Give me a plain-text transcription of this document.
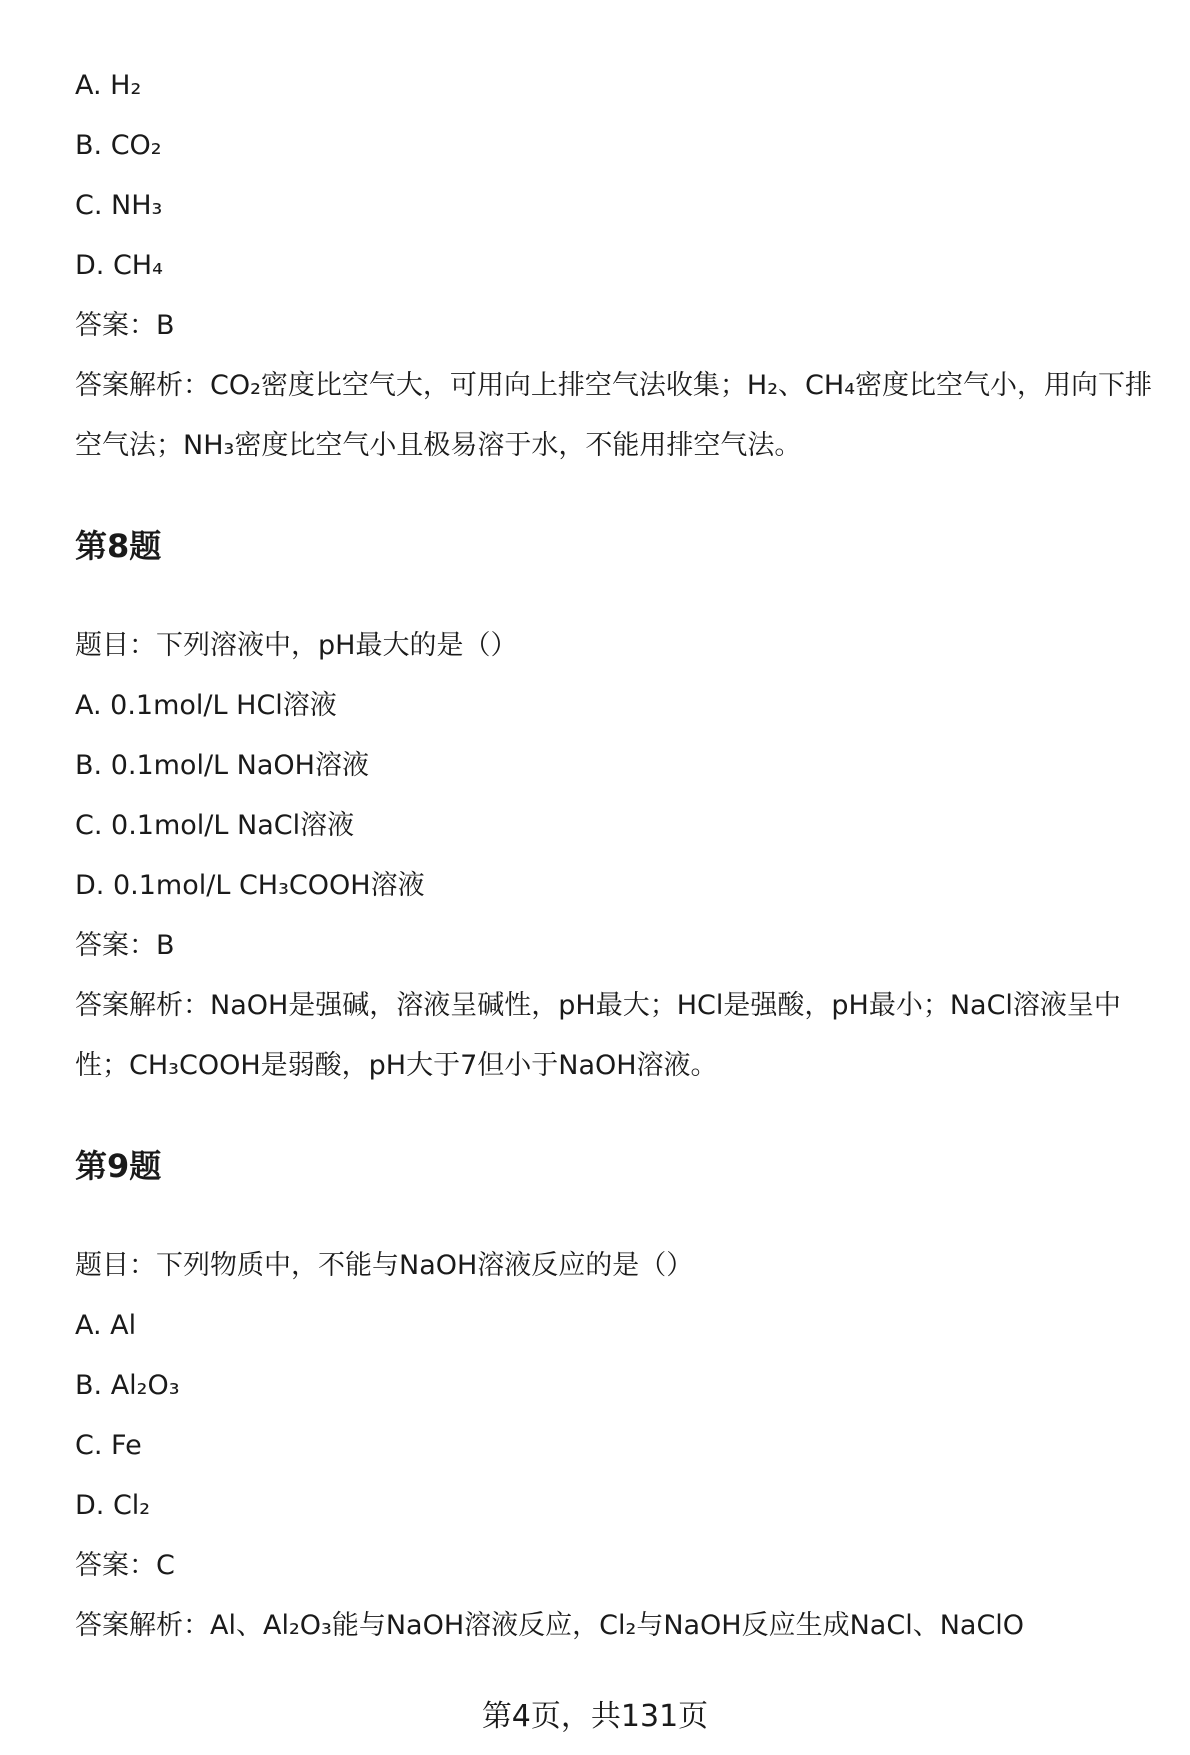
A. H₂
B. CO₂
C. NH₃
D. CH₄
答案：B
答案解析：CO₂密度比空气大，可用向上排空气法收集；H₂、CH₄密度比空气小，用向下排空气法；NH₃密度比空气小且极易溶于水，不能用排空气法。
第8题
题目：下列溶液中，pH最大的是（）
A. 0.1mol/L HCl溶液
B. 0.1mol/L NaOH溶液
C. 0.1mol/L NaCl溶液
D. 0.1mol/L CH₃COOH溶液
答案：B
答案解析：NaOH是强碱，溶液呈碱性，pH最大；HCl是强酸，pH最小；NaCl溶液呈中性；CH₃COOH是弱酸，pH大于7但小于NaOH溶液。
第9题
题目：下列物质中，不能与NaOH溶液反应的是（）
A. Al
B. Al₂O₃
C. Fe
D. Cl₂
答案：C
答案解析：Al、Al₂O₃能与NaOH溶液反应，Cl₂与NaOH反应生成NaCl、NaClO
第4页，共131页
